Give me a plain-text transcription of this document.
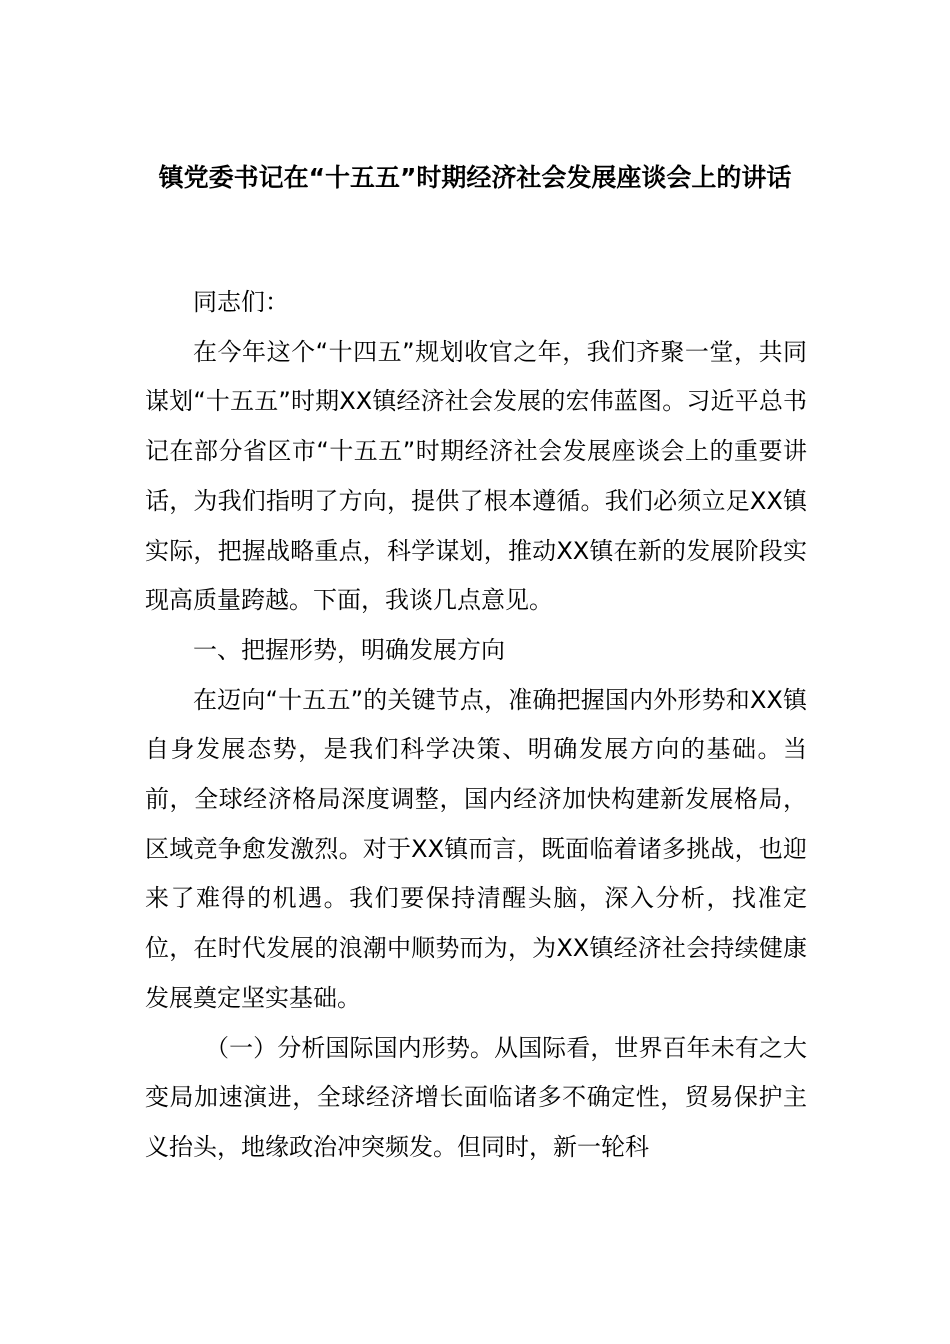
镇党委书记在“十五五”时期经济社会发展座谈会上的讲话

同志们：

在今年这个“十四五”规划收官之年，我们齐聚一堂，共同谋划“十五五”时期XX镇经济社会发展的宏伟蓝图。习近平总书记在部分省区市“十五五”时期经济社会发展座谈会上的重要讲话，为我们指明了方向，提供了根本遵循。我们必须立足XX镇实际，把握战略重点，科学谋划，推动XX镇在新的发展阶段实现高质量跨越。下面，我谈几点意见。

一、把握形势，明确发展方向

在迈向“十五五”的关键节点，准确把握国内外形势和XX镇自身发展态势，是我们科学决策、明确发展方向的基础。当前，全球经济格局深度调整，国内经济加快构建新发展格局，区域竞争愈发激烈。对于XX镇而言，既面临着诸多挑战，也迎来了难得的机遇。我们要保持清醒头脑，深入分析，找准定位，在时代发展的浪潮中顺势而为，为XX镇经济社会持续健康发展奠定坚实基础。

（一）分析国际国内形势。从国际看，世界百年未有之大变局加速演进，全球经济增长面临诸多不确定性，贸易保护主义抬头，地缘政治冲突频发。但同时，新一轮科
